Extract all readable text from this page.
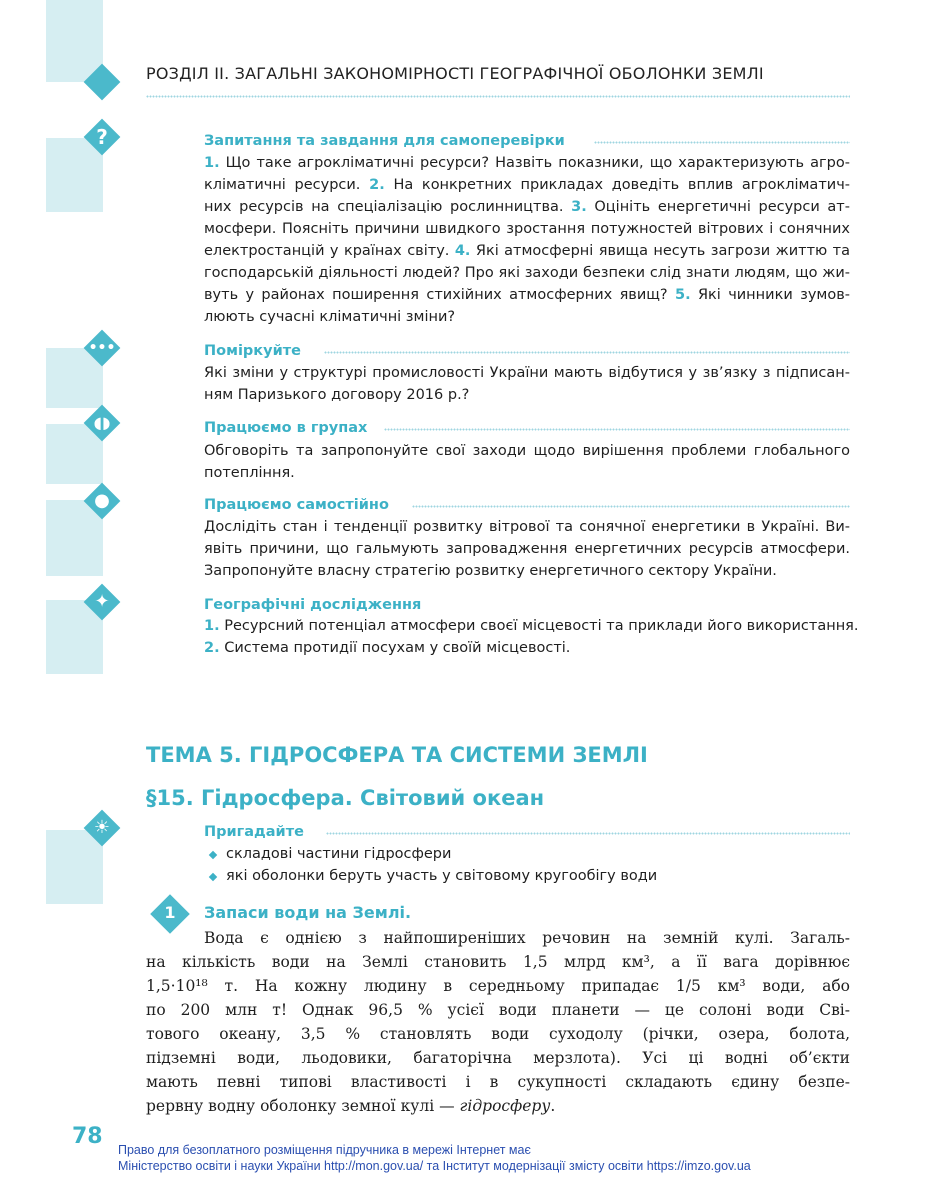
РОЗДІЛ ІІ. ЗАГАЛЬНІ ЗАКОНОМІРНОСТІ ГЕОГРАФІЧНОЇ ОБОЛОНКИ ЗЕМЛІ
?	Запитання та завдання для самоперевірки
1. Що таке агрокліматичні ресурси? Назвіть показники, що характеризують агро-
кліматичні ресурси. 2. На конкретних прикладах доведіть вплив агрокліматич-
них ресурсів на спеціалізацію рослинництва. 3. Оцініть енергетичні ресурси ат-
мосфери. Поясніть причини швидкого зростання потужностей вітрових і сонячних
електростанцій у країнах світу. 4. Які атмосферні явища несуть загрози життю та
господарській діяльності людей? Про які заходи безпеки слід знати людям, що жи-
вуть у районах поширення стихійних атмосферних явищ? 5. Які чинники зумов-
люють сучасні кліматичні зміни?
•••	Поміркуйте
Які зміни у структурі промисловості України мають відбутися у зв’язку з підписан-
ням Паризького договору 2016 р.?
◖◗	Працюємо в групах
Обговоріть та запропонуйте свої заходи щодо вирішення проблеми глобального
потепління.
●	Працюємо самостійно
Дослідіть стан і тенденції розвитку вітрової та сонячної енергетики в Україні. Ви-
явіть причини, що гальмують запровадження енергетичних ресурсів атмосфери.
Запропонуйте власну стратегію розвитку енергетичного сектору України.
✦	Географічні дослідження
1. Ресурсний потенціал атмосфери своєї місцевості та приклади його використання.
2. Система протидії посухам у своїй місцевості.
ТЕМА 5. ГІДРОСФЕРА ТА СИСТЕМИ ЗЕМЛІ
§15. Гідросфера. Світовий океан
☀	Пригадайте
складові частини гідросфери
які оболонки беруть участь у світовому кругообігу води
1	Запаси води на Землі.
Вода є однією з найпоширеніших речовин на земній кулі. Загаль-
на кількість води на Землі становить 1,5 млрд км³, а її вага дорівнює
1,5·10¹⁸ т. На кожну людину в середньому припадає 1/5 км³ води, або
по 200 млн т! Однак 96,5 % усієї води планети — це солоні води Сві-
тового океану, 3,5 % становлять води суходолу (річки, озера, болота,
підземні води, льодовики, багаторічна мерзлота). Усі ці водні об’єкти
мають певні типові властивості і в сукупності складають єдину безпе-
рервну водну оболонку земної кулі — гідросферу.
78
Право для безоплатного розміщення підручника в мережі Інтернет має
Міністерство освіти і науки України http://mon.gov.ua/ та Інститут модернізації змісту освіти https://imzo.gov.ua
